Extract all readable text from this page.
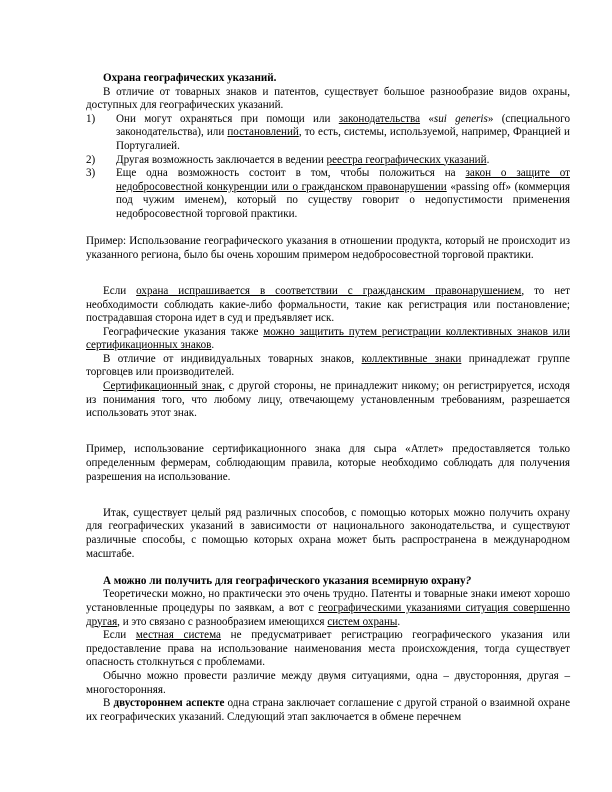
Охрана географических указаний.

В отличие от товарных знаков и патентов, существует большое разнообразие видов охраны, доступных для географических указаний.

1)	Они могут охраняться при помощи или законодательства «sui generis» (специального законодательства), или постановлений, то есть, системы, используемой, например, Францией и Португалией.
2)	Другая возможность заключается в ведении реестра географических указаний.
3)	Еще одна возможность состоит в том, чтобы положиться на закон о защите от недобросовестной конкуренции или о гражданском правонарушении «passing off» (коммерция под чужим именем), который по существу говорит о недопустимости применения недобросовестной торговой практики.

Пример: Использование географического указания в отношении продукта, который не происходит из указанного региона, было бы очень хорошим примером недобросовестной торговой практики.

Если охрана испрашивается в соответствии с гражданским правонарушением, то нет необходимости соблюдать какие-либо формальности, такие как регистрация или постановление; пострадавшая сторона идет в суд и предъявляет иск.

Географические указания также можно защитить путем регистрации коллективных знаков или сертификационных знаков.

В отличие от индивидуальных товарных знаков, коллективные знаки принадлежат группе торговцев или производителей.

Сертификационный знак, с другой стороны, не принадлежит никому; он регистрируется, исходя из понимания того, что любому лицу, отвечающему установленным требованиям, разрешается использовать этот знак.

Пример, использование сертификационного знака для сыра «Атлет» предоставляется только определенным фермерам, соблюдающим правила, которые необходимо соблюдать для получения разрешения на использование.

Итак, существует целый ряд различных способов, с помощью которых можно получить охрану для географических указаний в зависимости от национального законодательства, и существуют различные способы, с помощью которых охрана может быть распространена в международном масштабе.

А можно ли получить для географического указания всемирную охрану?

Теоретически можно, но практически это очень трудно. Патенты и товарные знаки имеют хорошо установленные процедуры по заявкам, а вот с географическими указаниями ситуация совершенно другая, и это связано с разнообразием имеющихся систем охраны.

Если местная система не предусматривает регистрацию географического указания или предоставление права на использование наименования места происхождения, тогда существует опасность столкнуться с проблемами.

Обычно можно провести различие между двумя ситуациями, одна – двусторонняя, другая – многосторонняя.

В двустороннем аспекте одна страна заключает соглашение с другой страной о взаимной охране их географических указаний. Следующий этап заключается в обмене перечнем
